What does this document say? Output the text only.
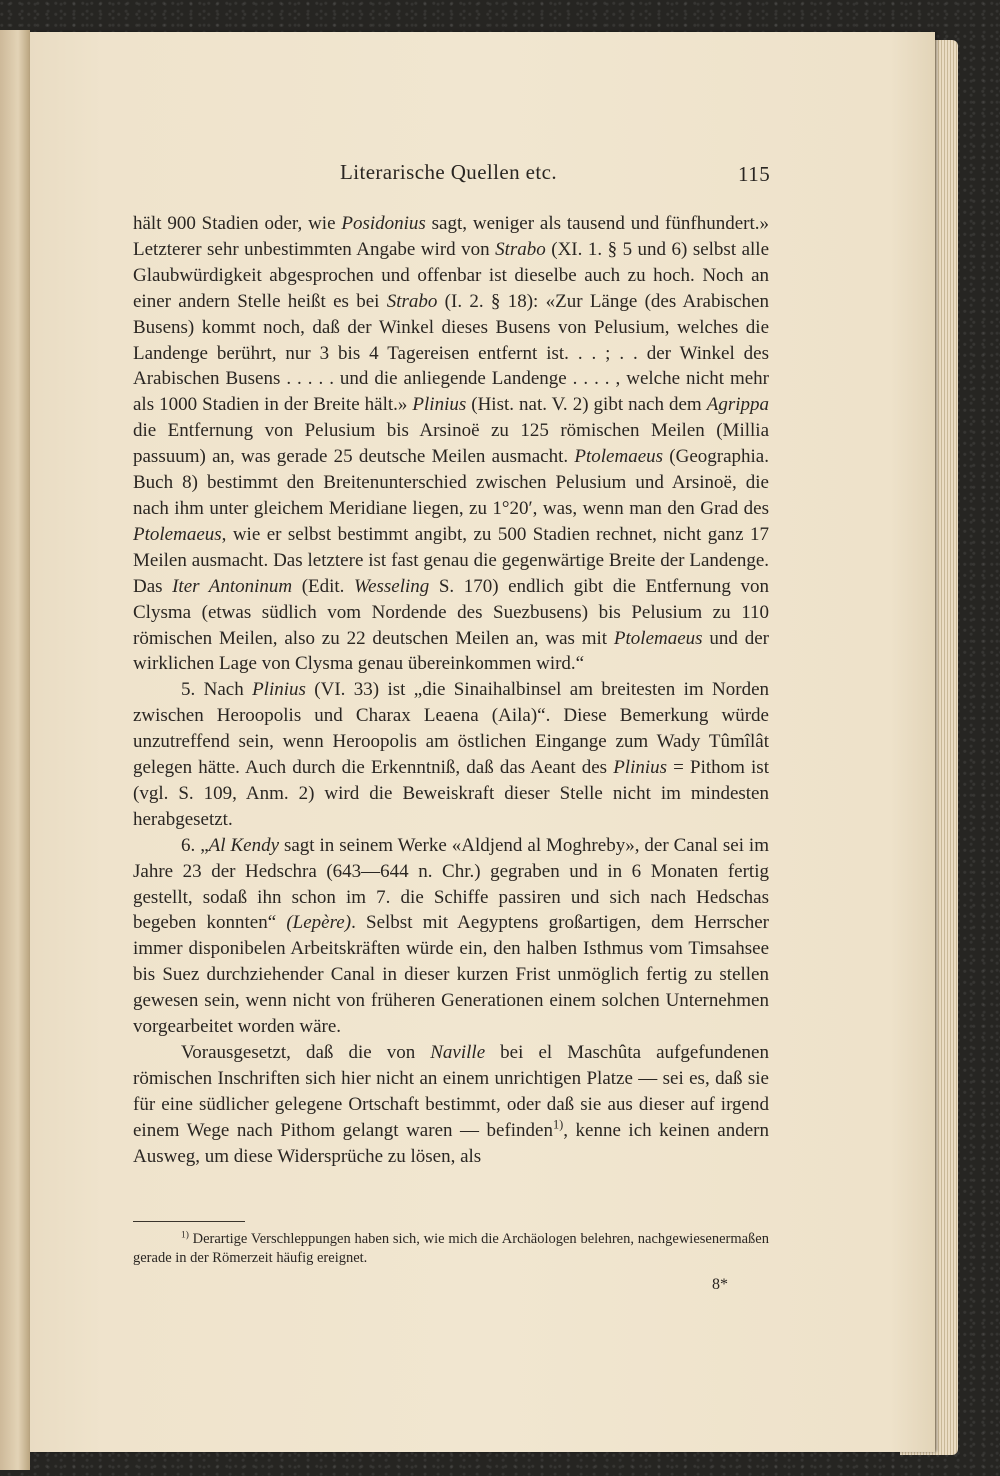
Literarische Quellen etc.	115

hält 900 Stadien oder, wie Posidonius sagt, weniger als tausend und fünfhundert.» Letzterer sehr unbestimmten Angabe wird von Strabo (XI. 1. § 5 und 6) selbst alle Glaubwürdigkeit abgesprochen und offenbar ist dieselbe auch zu hoch. Noch an einer andern Stelle heißt es bei Strabo (I. 2. § 18): «Zur Länge (des Arabischen Busens) kommt noch, daß der Winkel dieses Busens von Pelusium, welches die Landenge berührt, nur 3 bis 4 Tagereisen entfernt ist. . . ; . . der Winkel des Arabischen Busens . . . . . und die anliegende Landenge . . . . , welche nicht mehr als 1000 Stadien in der Breite hält.» Plinius (Hist. nat. V. 2) gibt nach dem Agrippa die Entfernung von Pelusium bis Arsinoë zu 125 römischen Meilen (Millia passuum) an, was gerade 25 deutsche Meilen ausmacht. Ptolemaeus (Geographia. Buch 8) bestimmt den Breitenunterschied zwischen Pelusium und Arsinoë, die nach ihm unter gleichem Meridiane liegen, zu 1°20′, was, wenn man den Grad des Ptolemaeus, wie er selbst bestimmt angibt, zu 500 Stadien rechnet, nicht ganz 17 Meilen ausmacht. Das letztere ist fast genau die gegenwärtige Breite der Landenge. Das Iter Antoninum (Edit. Wesseling S. 170) endlich gibt die Entfernung von Clysma (etwas südlich vom Nordende des Suezbusens) bis Pelusium zu 110 römischen Meilen, also zu 22 deutschen Meilen an, was mit Ptolemaeus und der wirklichen Lage von Clysma genau übereinkommen wird.“

5. Nach Plinius (VI. 33) ist „die Sinaihalbinsel am breitesten im Norden zwischen Heroopolis und Charax Leaena (Aila)“. Diese Bemerkung würde unzutreffend sein, wenn Heroopolis am östlichen Eingange zum Wady Tûmîlât gelegen hätte. Auch durch die Erkenntniß, daß das Aeant des Plinius = Pithom ist (vgl. S. 109, Anm. 2) wird die Beweiskraft dieser Stelle nicht im mindesten herabgesetzt.

6. „Al Kendy sagt in seinem Werke «Aldjend al Moghreby», der Canal sei im Jahre 23 der Hedschra (643—644 n. Chr.) gegraben und in 6 Monaten fertig gestellt, sodaß ihn schon im 7. die Schiffe passiren und sich nach Hedschas begeben konnten“ (Lepère). Selbst mit Aegyptens großartigen, dem Herrscher immer disponibelen Arbeitskräften würde ein, den halben Isthmus vom Timsahsee bis Suez durchziehender Canal in dieser kurzen Frist unmöglich fertig zu stellen gewesen sein, wenn nicht von früheren Generationen einem solchen Unternehmen vorgearbeitet worden wäre.

Vorausgesetzt, daß die von Naville bei el Maschûta aufgefundenen römischen Inschriften sich hier nicht an einem unrichtigen Platze — sei es, daß sie für eine südlicher gelegene Ortschaft bestimmt, oder daß sie aus dieser auf irgend einem Wege nach Pithom gelangt waren — befinden$^{1)}$, kenne ich keinen andern Ausweg, um diese Widersprüche zu lösen, als

$^{1)}$ Derartige Verschleppungen haben sich, wie mich die Archäologen belehren, nachgewiesenermaßen gerade in der Römerzeit häufig ereignet.
8*
